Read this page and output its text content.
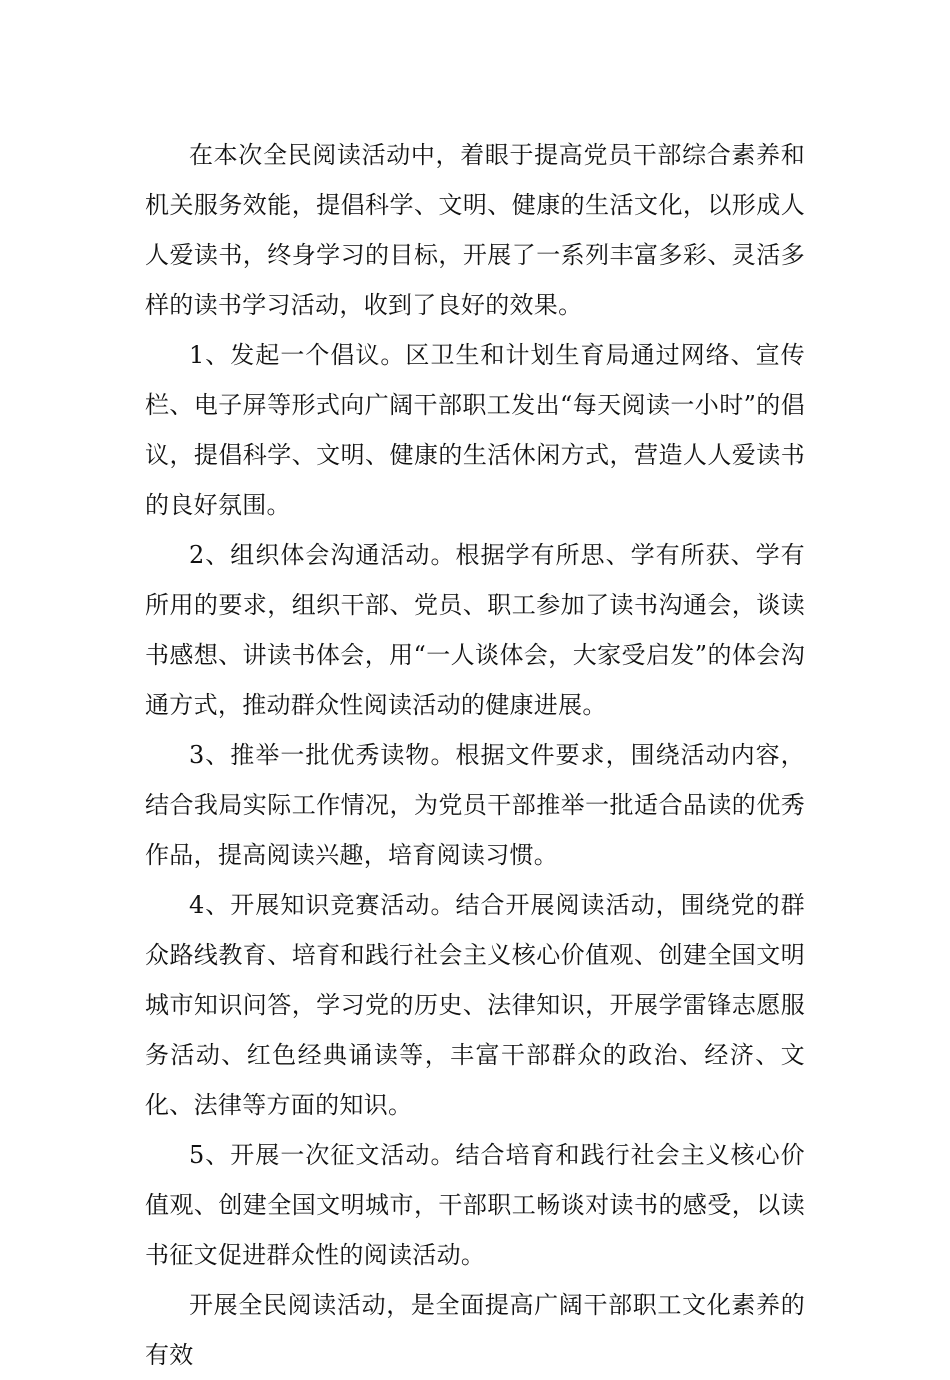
在本次全民阅读活动中，着眼于提高党员干部综合素养和机关服务效能，提倡科学、文明、健康的生活文化，以形成人人爱读书，终身学习的目标，开展了一系列丰富多彩、灵活多样的读书学习活动，收到了良好的效果。

1、发起一个倡议。区卫生和计划生育局通过网络、宣传栏、电子屏等形式向广阔干部职工发出“每天阅读一小时”的倡议，提倡科学、文明、健康的生活休闲方式，营造人人爱读书的良好氛围。

2、组织体会沟通活动。根据学有所思、学有所获、学有所用的要求，组织干部、党员、职工参加了读书沟通会，谈读书感想、讲读书体会，用“一人谈体会，大家受启发”的体会沟通方式，推动群众性阅读活动的健康进展。

3、推举一批优秀读物。根据文件要求，围绕活动内容，结合我局实际工作情况，为党员干部推举一批适合品读的优秀作品，提高阅读兴趣，培育阅读习惯。

4、开展知识竞赛活动。结合开展阅读活动，围绕党的群众路线教育、培育和践行社会主义核心价值观、创建全国文明城市知识问答，学习党的历史、法律知识，开展学雷锋志愿服务活动、红色经典诵读等，丰富干部群众的政治、经济、文化、法律等方面的知识。

5、开展一次征文活动。结合培育和践行社会主义核心价值观、创建全国文明城市，干部职工畅谈对读书的感受，以读书征文促进群众性的阅读活动。

开展全民阅读活动，是全面提高广阔干部职工文化素养的有效
